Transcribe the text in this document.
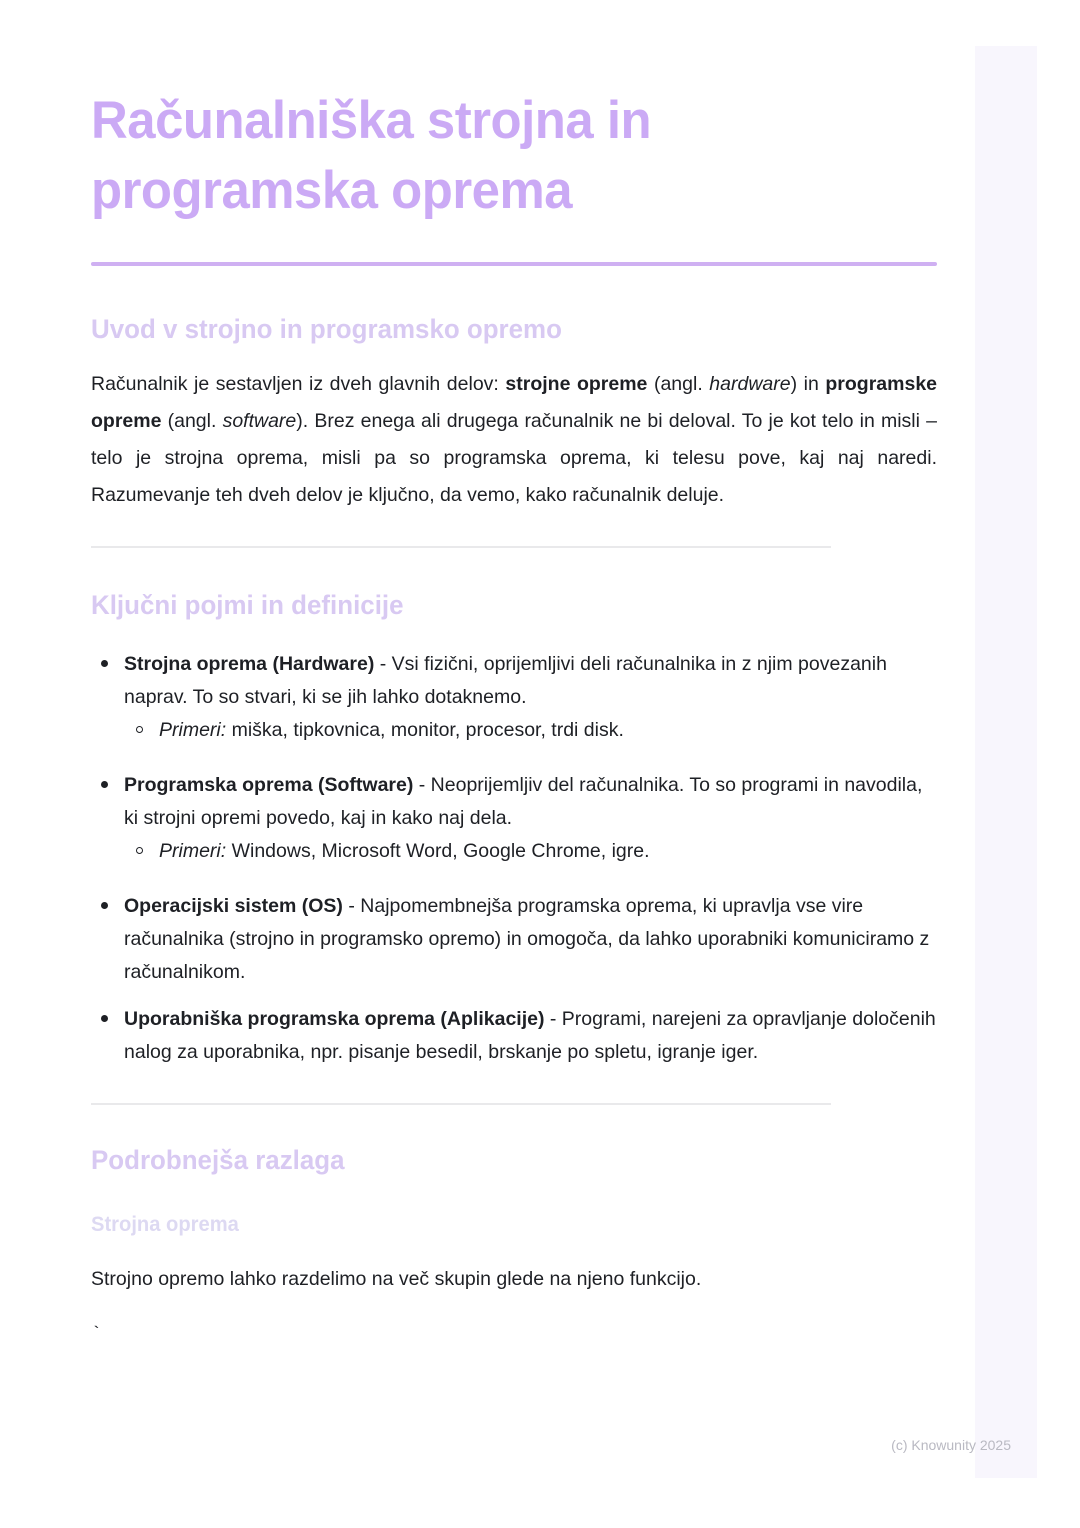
Računalniška strojna in programska oprema
Uvod v strojno in programsko opremo

Računalnik je sestavljen iz dveh glavnih delov: strojne opreme (angl. hardware) in programske opreme (angl. software). Brez enega ali drugega računalnik ne bi deloval. To je kot telo in misli – telo je strojna oprema, misli pa so programska oprema, ki telesu pove, kaj naj naredi. Razumevanje teh dveh delov je ključno, da vemo, kako računalnik deluje.

Ključni pojmi in definicije
Strojna oprema (Hardware) - Vsi fizični, oprijemljivi deli računalnika in z njim povezanih naprav. To so stvari, ki se jih lahko dotaknemo.
Primeri: miška, tipkovnica, monitor, procesor, trdi disk.
Programska oprema (Software) - Neoprijemljiv del računalnika. To so programi in navodila, ki strojni opremi povedo, kaj in kako naj dela.
Primeri: Windows, Microsoft Word, Google Chrome, igre.
Operacijski sistem (OS) - Najpomembnejša programska oprema, ki upravlja vse vire računalnika (strojno in programsko opremo) in omogoča, da lahko uporabniki komuniciramo z računalnikom.
Uporabniška programska oprema (Aplikacije) - Programi, narejeni za opravljanje določenih nalog za uporabnika, npr. pisanje besedil, brskanje po spletu, igranje iger.
Podrobnejša razlaga
Strojna oprema

Strojno opremo lahko razdelimo na več skupin glede na njeno funkcijo.

`
(c) Knowunity 2025
